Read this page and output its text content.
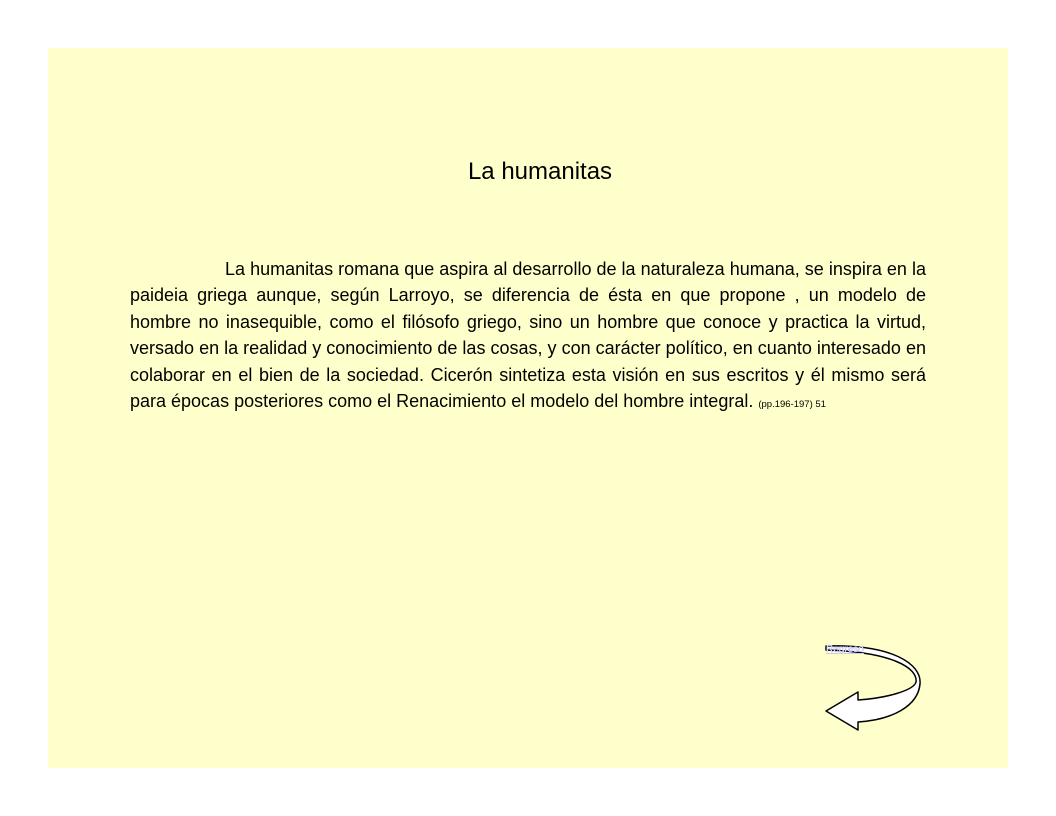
La humanitas

La humanitas romana que aspira al desarrollo de la naturaleza humana, se inspira en la paideia griega aunque, según Larroyo, se diferencia de ésta en que propone , un modelo de hombre no inasequible, como el filósofo griego, sino un hombre que conoce y practica la virtud, versado en la realidad y conocimiento de las cosas, y con carácter político, en cuanto interesado en colaborar en el bien de la sociedad. Cicerón sintetiza esta visión en sus escritos y él mismo será para épocas posteriores como el Renacimiento el modelo del hombre integral. (pp.196-197) 51

Regreso
